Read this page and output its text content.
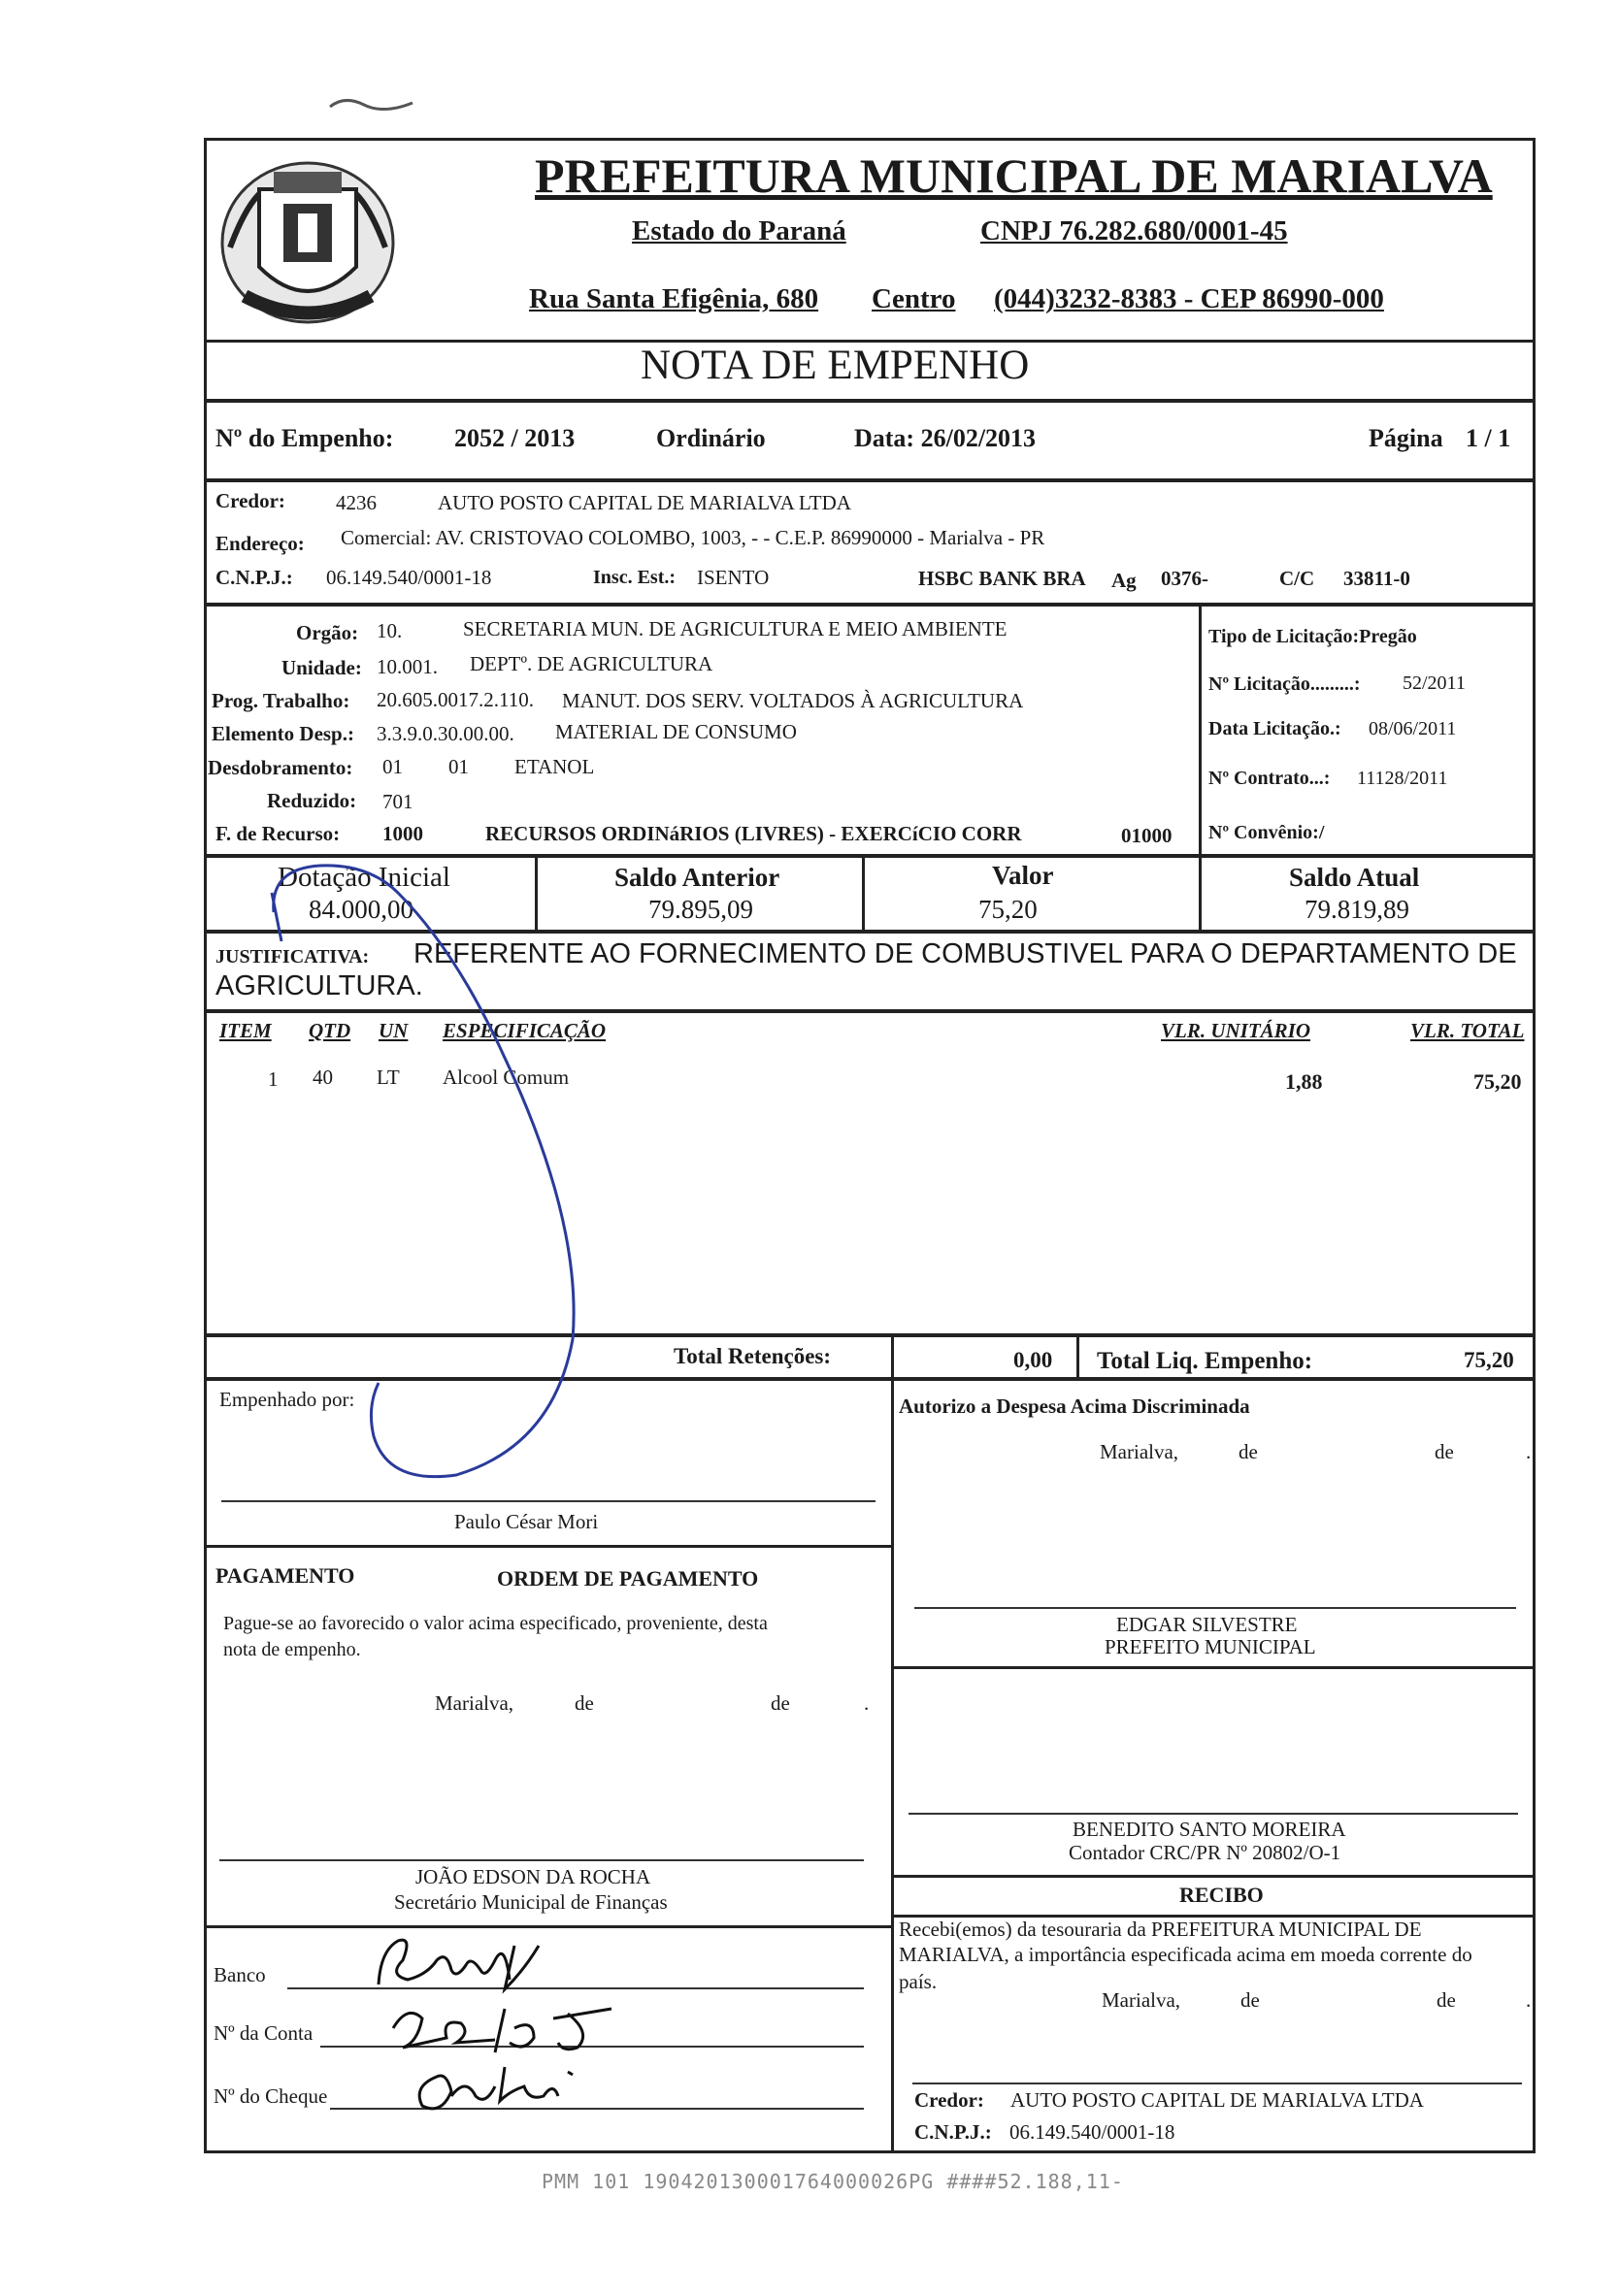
PREFEITURA MUNICIPAL DE MARIALVA
Estado do Paraná	CNPJ 76.282.680/0001-45
Rua Santa Efigênia, 680 Centro (044)3232-8383 - CEP 86990-000
NOTA DE EMPENHO
Nº do Empenho: 2052 / 2013	Ordinário	Data: 26/02/2013	Página 1 / 1
Credor: 4236	AUTO POSTO CAPITAL DE MARIALVA LTDA
Endereço: Comercial: AV. CRISTOVAO COLOMBO, 1003, - - C.E.P. 86990000 - Marialva - PR
C.N.P.J.: 06.149.540/0001-18	Insc. Est.: ISENTO	HSBC BANK BRA Ag 0376-	C/C 33811-0
Orgão: 10.	SECRETARIA MUN. DE AGRICULTURA E MEIO AMBIENTE
Unidade: 10.001. DEPTº. DE AGRICULTURA
Prog. Trabalho: 20.605.0017.2.110. MANUT. DOS SERV. VOLTADOS À AGRICULTURA
Elemento Desp.: 3.3.9.0.30.00.00. MATERIAL DE CONSUMO
Desdobramento: 01 01 ETANOL
Reduzido: 701
F. de Recurso: 1000	RECURSOS ORDINáRIOS (LIVRES) - EXERCíCIO CORR	01000
Tipo de Licitação:Pregão
Nº Licitação.........: 52/2011
Data Licitação.: 08/06/2011
Nº Contrato...: 11128/2011
Nº Convênio:/
Dotação Inicial
84.000,00
Saldo Anterior
79.895,09
Valor
75,20
Saldo Atual
79.819,89
JUSTIFICATIVA: REFERENTE AO FORNECIMENTO DE COMBUSTIVEL PARA O DEPARTAMENTO DE
AGRICULTURA.
ITEM QTD UN ESPECIFICAÇÃO	VLR. UNITÁRIO	VLR. TOTAL
1 40 LT Alcool Comum	1,88	75,20
Total Retenções:	0,00 Total Liq. Empenho:	75,20
Empenhado por:
Paulo César Mori
Autorizo a Despesa Acima Discriminada
Marialva,	de	de	.
PAGAMENTO	ORDEM DE PAGAMENTO
Pague-se ao favorecido o valor acima especificado, proveniente, desta
nota de empenho.
Marialva,	de	de	.
EDGAR SILVESTRE
PREFEITO MUNICIPAL
BENEDITO SANTO MOREIRA
Contador CRC/PR Nº 20802/O-1
JOÃO EDSON DA ROCHA
Secretário Municipal de Finanças	RECIBO
Recebi(emos) da tesouraria da PREFEITURA MUNICIPAL DE
MARIALVA, a importância especificada acima em moeda corrente do
país.
Marialva,	de	de	.
Credor: AUTO POSTO CAPITAL DE MARIALVA LTDA
C.N.P.J.: 06.149.540/0001-18
Banco
Nº da Conta
Nº do Cheque
PMM 101 190420130001764000026PG ####52.188,11-
